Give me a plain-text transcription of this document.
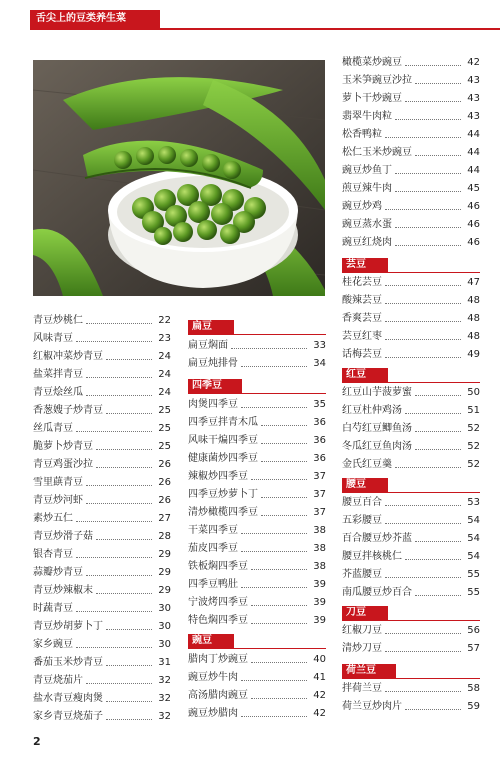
舌尖上的豆类养生菜
青豆炒桃仁	22
风味青豆	23
红椒冲菜炒青豆	24
盐菜拌青豆	24
青豆烩丝瓜	24
香葱嫂子炒青豆	25
丝瓜青豆	25
脆萝卜炒青豆	25
青豆鸡蛋沙拉	26
雪里蕻青豆	26
青豆炒河虾	26
素炒五仁	27
青豆炒滑子菇	28
银杏青豆	29
蒜瓣炒青豆	29
青豆炒辣椒末	29
时蔬青豆	30
青豆炒胡萝卜丁	30
家乡豌豆	30
番茄玉米炒青豆	31
青豆烧茄片	32
盐水青豆瘦肉煲	32
家乡青豆烧茄子	32
扁豆
扁豆焖面	33
扁豆炖排骨	34
四季豆
肉煲四季豆	35
四季豆拌青木瓜	36
风味干煸四季豆	36
健康菌炒四季豆	36
辣椒炒四季豆	37
四季豆炒萝卜丁	37
清炒橄榄四季豆	37
干菜四季豆	38
茄皮四季豆	38
铁板焖四季豆	38
四季豆鸭肚	39
宁波烤四季豆	39
特色焖四季豆	39
豌豆
腊肉丁炒豌豆	40
豌豆炒牛肉	41
高汤腊肉豌豆	42
豌豆炒腊肉	42
橄榄菜炒豌豆	42
玉米笋豌豆沙拉	43
萝卜干炒豌豆	43
翡翠牛肉粒	43
松香鸭粒	44
松仁玉米炒豌豆	44
豌豆炒鱼丁	44
煎豆辣牛肉	45
豌豆炒鸡	46
豌豆蒸水蛋	46
豌豆红烧肉	46
芸豆
桂花芸豆	47
酸辣芸豆	48
香爽芸豆	48
芸豆红枣	48
话梅芸豆	49
红豆
红豆山芋菠萝蜜	50
红豆杜仲鸡汤	51
白芍红豆鲫鱼汤	52
冬瓜红豆鱼肉汤	52
金氏红豆羹	52
腰豆
腰豆百合	53
五彩腰豆	54
百合腰豆炒芥蓝	54
腰豆拌核桃仁	54
芥蓝腰豆	55
南瓜腰豆炒百合	55
刀豆
红椒刀豆	56
清炒刀豆	57
荷兰豆
拌荷兰豆	58
荷兰豆炒肉片	59
2
